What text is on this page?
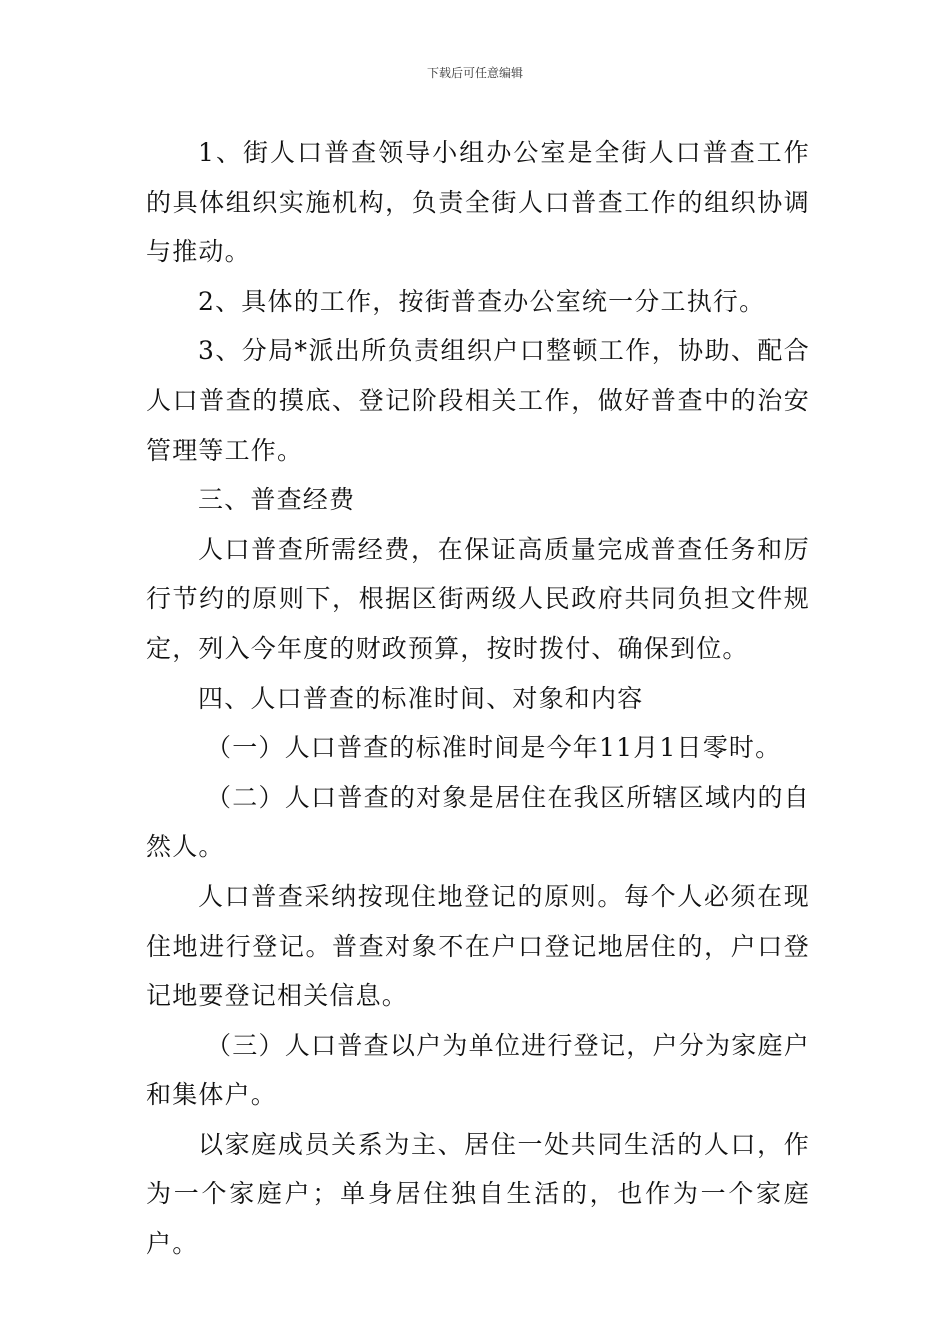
下载后可任意编辑

1、街人口普查领导小组办公室是全街人口普查工作的具体组织实施机构，负责全街人口普查工作的组织协调与推动。

2、具体的工作，按街普查办公室统一分工执行。

3、分局*派出所负责组织户口整顿工作，协助、配合人口普查的摸底、登记阶段相关工作，做好普查中的治安管理等工作。

三、普查经费

人口普查所需经费，在保证高质量完成普查任务和厉行节约的原则下，根据区街两级人民政府共同负担文件规定，列入今年度的财政预算，按时拨付、确保到位。

四、人口普查的标准时间、对象和内容

（一）人口普查的标准时间是今年11月1日零时。

（二）人口普查的对象是居住在我区所辖区域内的自然人。

人口普查采纳按现住地登记的原则。每个人必须在现住地进行登记。普查对象不在户口登记地居住的，户口登记地要登记相关信息。

（三）人口普查以户为单位进行登记，户分为家庭户和集体户。

以家庭成员关系为主、居住一处共同生活的人口，作为一个家庭户；单身居住独自生活的，也作为一个家庭户。
